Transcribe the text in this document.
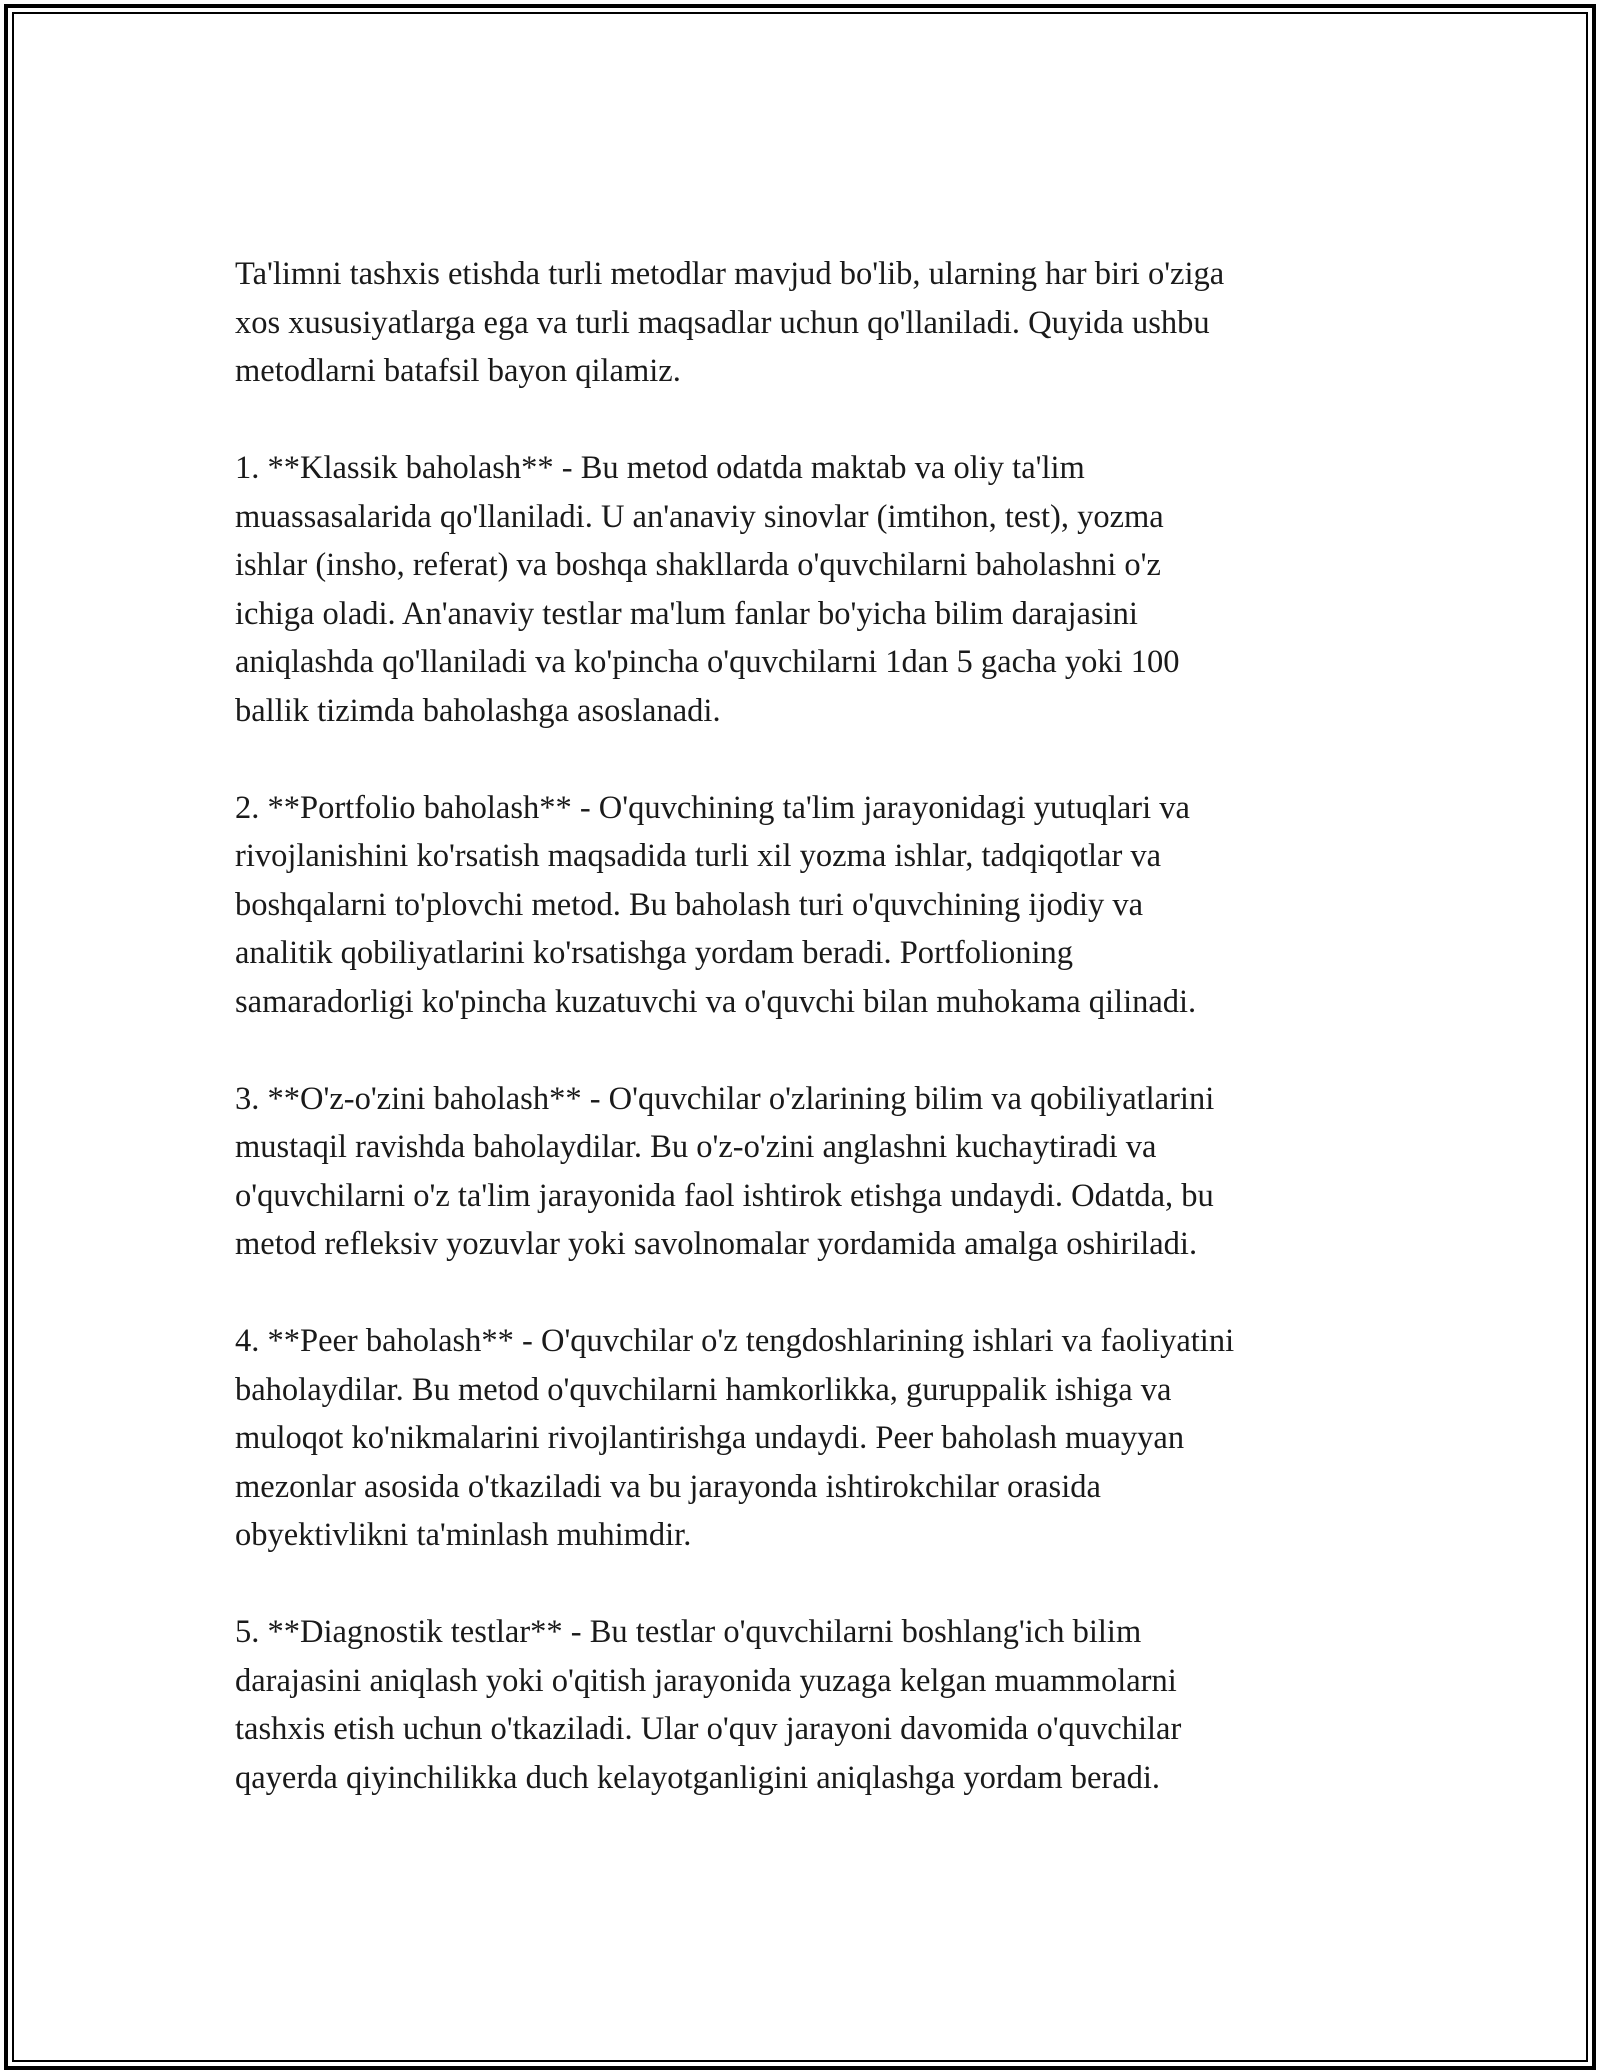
Ta'limni tashxis etishda turli metodlar mavjud bo'lib, ularning har biri o'ziga
xos xususiyatlarga ega va turli maqsadlar uchun qo'llaniladi. Quyida ushbu
metodlarni batafsil bayon qilamiz.

1. **Klassik baholash** - Bu metod odatda maktab va oliy ta'lim
muassasalarida qo'llaniladi. U an'anaviy sinovlar (imtihon, test), yozma
ishlar (insho, referat) va boshqa shakllarda o'quvchilarni baholashni o'z
ichiga oladi. An'anaviy testlar ma'lum fanlar bo'yicha bilim darajasini
aniqlashda qo'llaniladi va ko'pincha o'quvchilarni 1dan 5 gacha yoki 100
ballik tizimda baholashga asoslanadi.

2. **Portfolio baholash** - O'quvchining ta'lim jarayonidagi yutuqlari va
rivojlanishini ko'rsatish maqsadida turli xil yozma ishlar, tadqiqotlar va
boshqalarni to'plovchi metod. Bu baholash turi o'quvchining ijodiy va
analitik qobiliyatlarini ko'rsatishga yordam beradi. Portfolioning
samaradorligi ko'pincha kuzatuvchi va o'quvchi bilan muhokama qilinadi.

3. **O'z-o'zini baholash** - O'quvchilar o'zlarining bilim va qobiliyatlarini
mustaqil ravishda baholaydilar. Bu o'z-o'zini anglashni kuchaytiradi va
o'quvchilarni o'z ta'lim jarayonida faol ishtirok etishga undaydi. Odatda, bu
metod refleksiv yozuvlar yoki savolnomalar yordamida amalga oshiriladi.

4. **Peer baholash** - O'quvchilar o'z tengdoshlarining ishlari va faoliyatini
baholaydilar. Bu metod o'quvchilarni hamkorlikka, guruppalik ishiga va
muloqot ko'nikmalarini rivojlantirishga undaydi. Peer baholash muayyan
mezonlar asosida o'tkaziladi va bu jarayonda ishtirokchilar orasida
obyektivlikni ta'minlash muhimdir.

5. **Diagnostik testlar** - Bu testlar o'quvchilarni boshlang'ich bilim
darajasini aniqlash yoki o'qitish jarayonida yuzaga kelgan muammolarni
tashxis etish uchun o'tkaziladi. Ular o'quv jarayoni davomida o'quvchilar
qayerda qiyinchilikka duch kelayotganligini aniqlashga yordam beradi.
